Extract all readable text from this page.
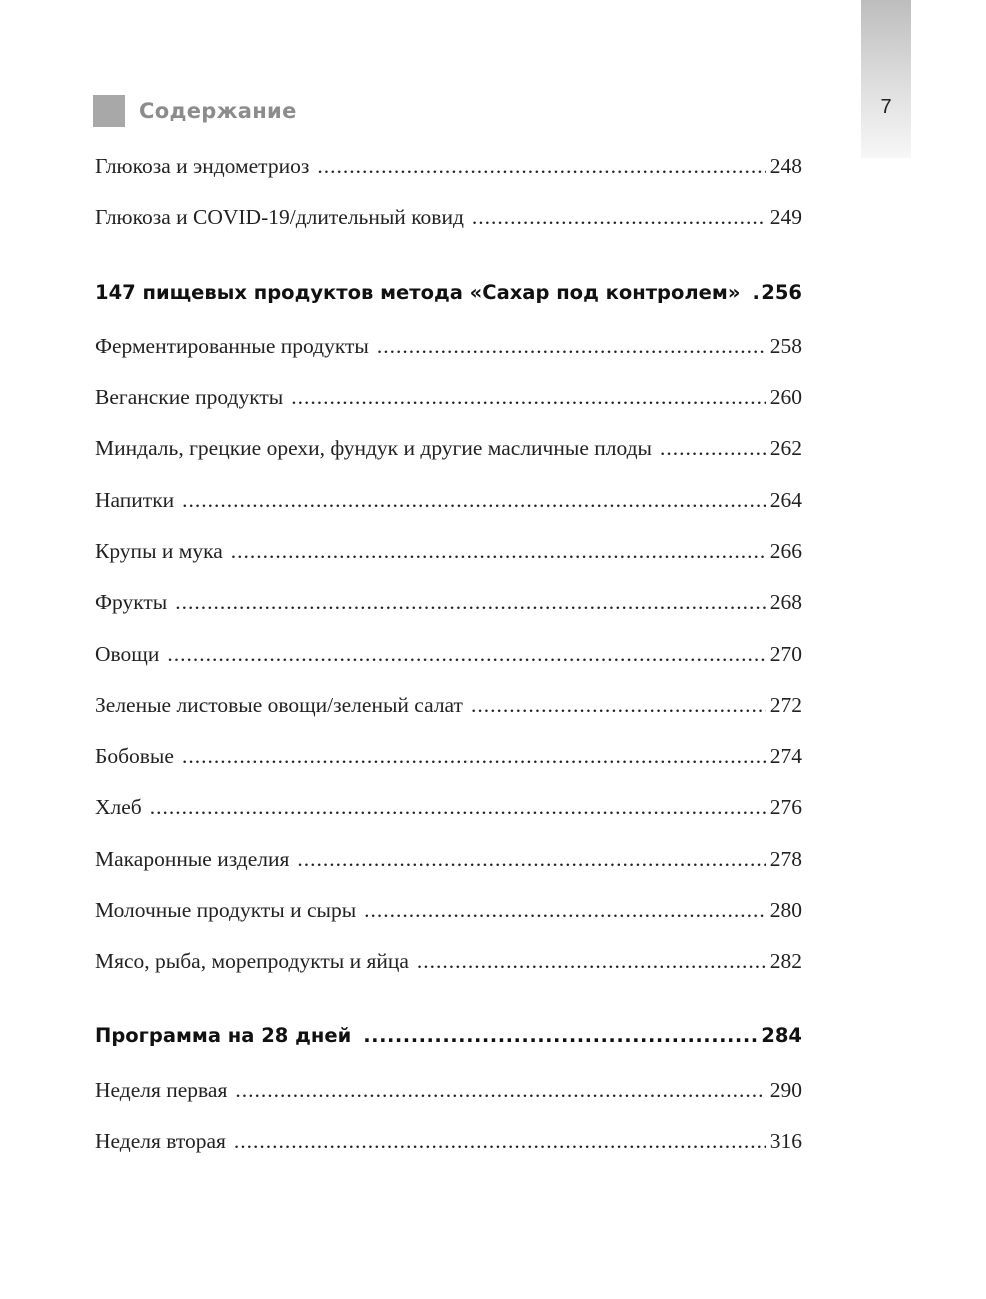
7
Содержание
Глюкоза и эндометриоз .....	248
Глюкоза и COVID-19/длительный ковид .....	249
147 пищевых продуктов метода «Сахар под контролем» ..... 256
Ферментированные продукты .....	258
Веганские продукты .....	260
Миндаль, грецкие орехи, фундук и другие масличные плоды .....	262
Напитки .....	264
Крупы и мука .....	266
Фрукты .....	268
Овощи .....	270
Зеленые листовые овощи/зеленый салат .....	272
Бобовые .....	274
Хлеб .....	276
Макаронные изделия .....	278
Молочные продукты и сыры .....	280
Мясо, рыба, морепродукты и яйца .....	282
Программа на 28 дней .....	284
Неделя первая .....	290
Неделя вторая .....	316
